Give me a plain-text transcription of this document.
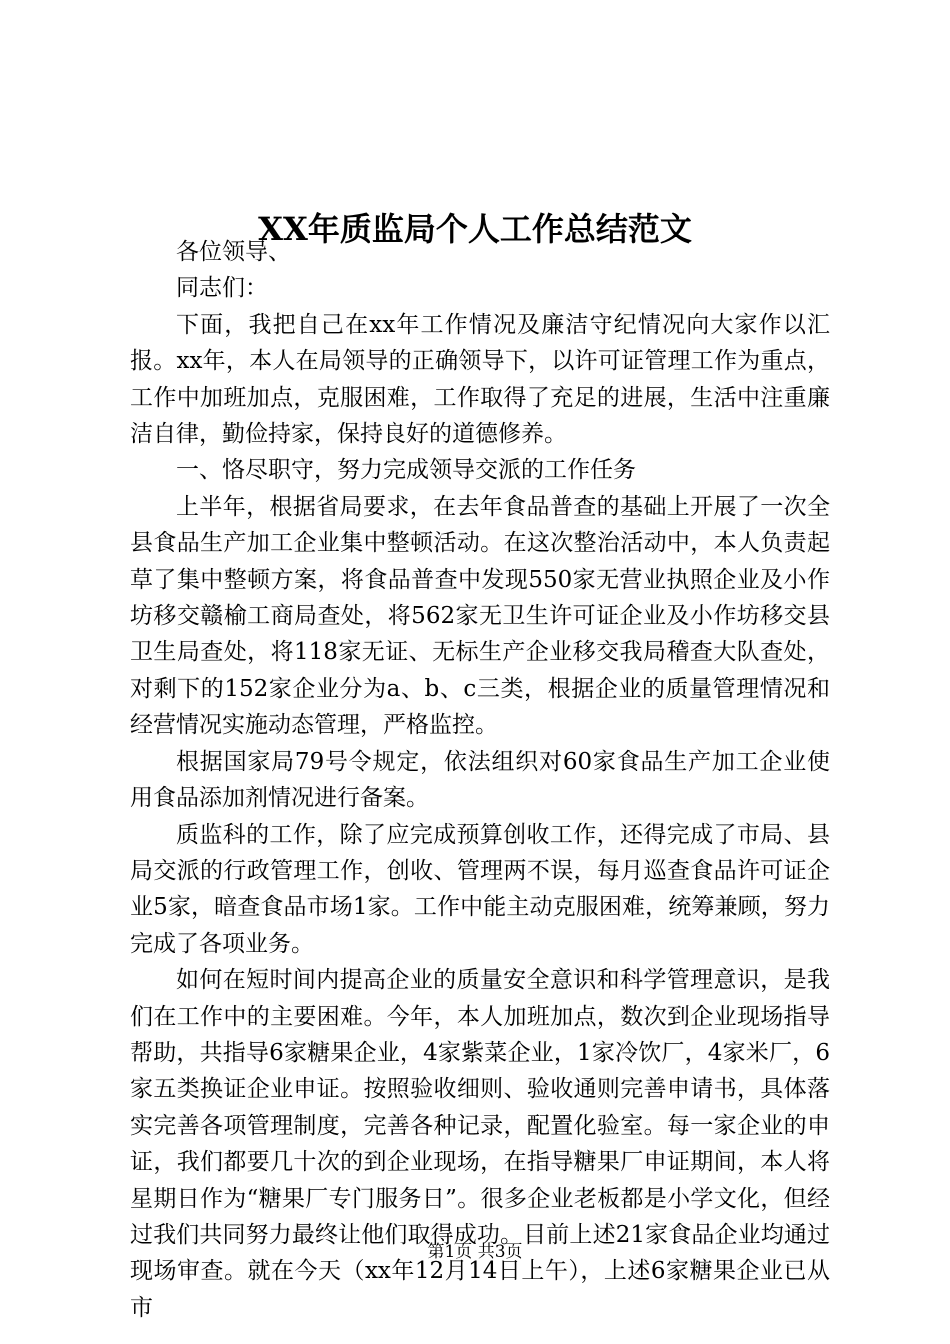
XX年质监局个人工作总结范文

各位领导、

同志们：

下面，我把自己在xx年工作情况及廉洁守纪情况向大家作以汇报。xx年，本人在局领导的正确领导下，以许可证管理工作为重点，工作中加班加点，克服困难，工作取得了充足的进展，生活中注重廉洁自律，勤俭持家，保持良好的道德修养。

一、恪尽职守，努力完成领导交派的工作任务

上半年，根据省局要求，在去年食品普查的基础上开展了一次全县食品生产加工企业集中整顿活动。在这次整治活动中，本人负责起草了集中整顿方案，将食品普查中发现550家无营业执照企业及小作坊移交赣榆工商局查处，将562家无卫生许可证企业及小作坊移交县卫生局查处，将118家无证、无标生产企业移交我局稽查大队查处，对剩下的152家企业分为a、b、c三类，根据企业的质量管理情况和经营情况实施动态管理，严格监控。

根据国家局79号令规定，依法组织对60家食品生产加工企业使用食品添加剂情况进行备案。

质监科的工作，除了应完成预算创收工作，还得完成了市局、县局交派的行政管理工作，创收、管理两不误，每月巡查食品许可证企业5家，暗查食品市场1家。工作中能主动克服困难，统筹兼顾，努力完成了各项业务。

如何在短时间内提高企业的质量安全意识和科学管理意识，是我们在工作中的主要困难。今年，本人加班加点，数次到企业现场指导帮助，共指导6家糖果企业，4家紫菜企业，1家冷饮厂，4家米厂，6家五类换证企业申证。按照验收细则、验收通则完善申请书，具体落实完善各项管理制度，完善各种记录，配置化验室。每一家企业的申证，我们都要几十次的到企业现场，在指导糖果厂申证期间，本人将星期日作为“糖果厂专门服务日”。很多企业老板都是小学文化，但经过我们共同努力最终让他们取得成功。目前上述21家食品企业均通过现场审查。就在今天（xx年12月14日上午），上述6家糖果企业已从市

第1页 共3页
